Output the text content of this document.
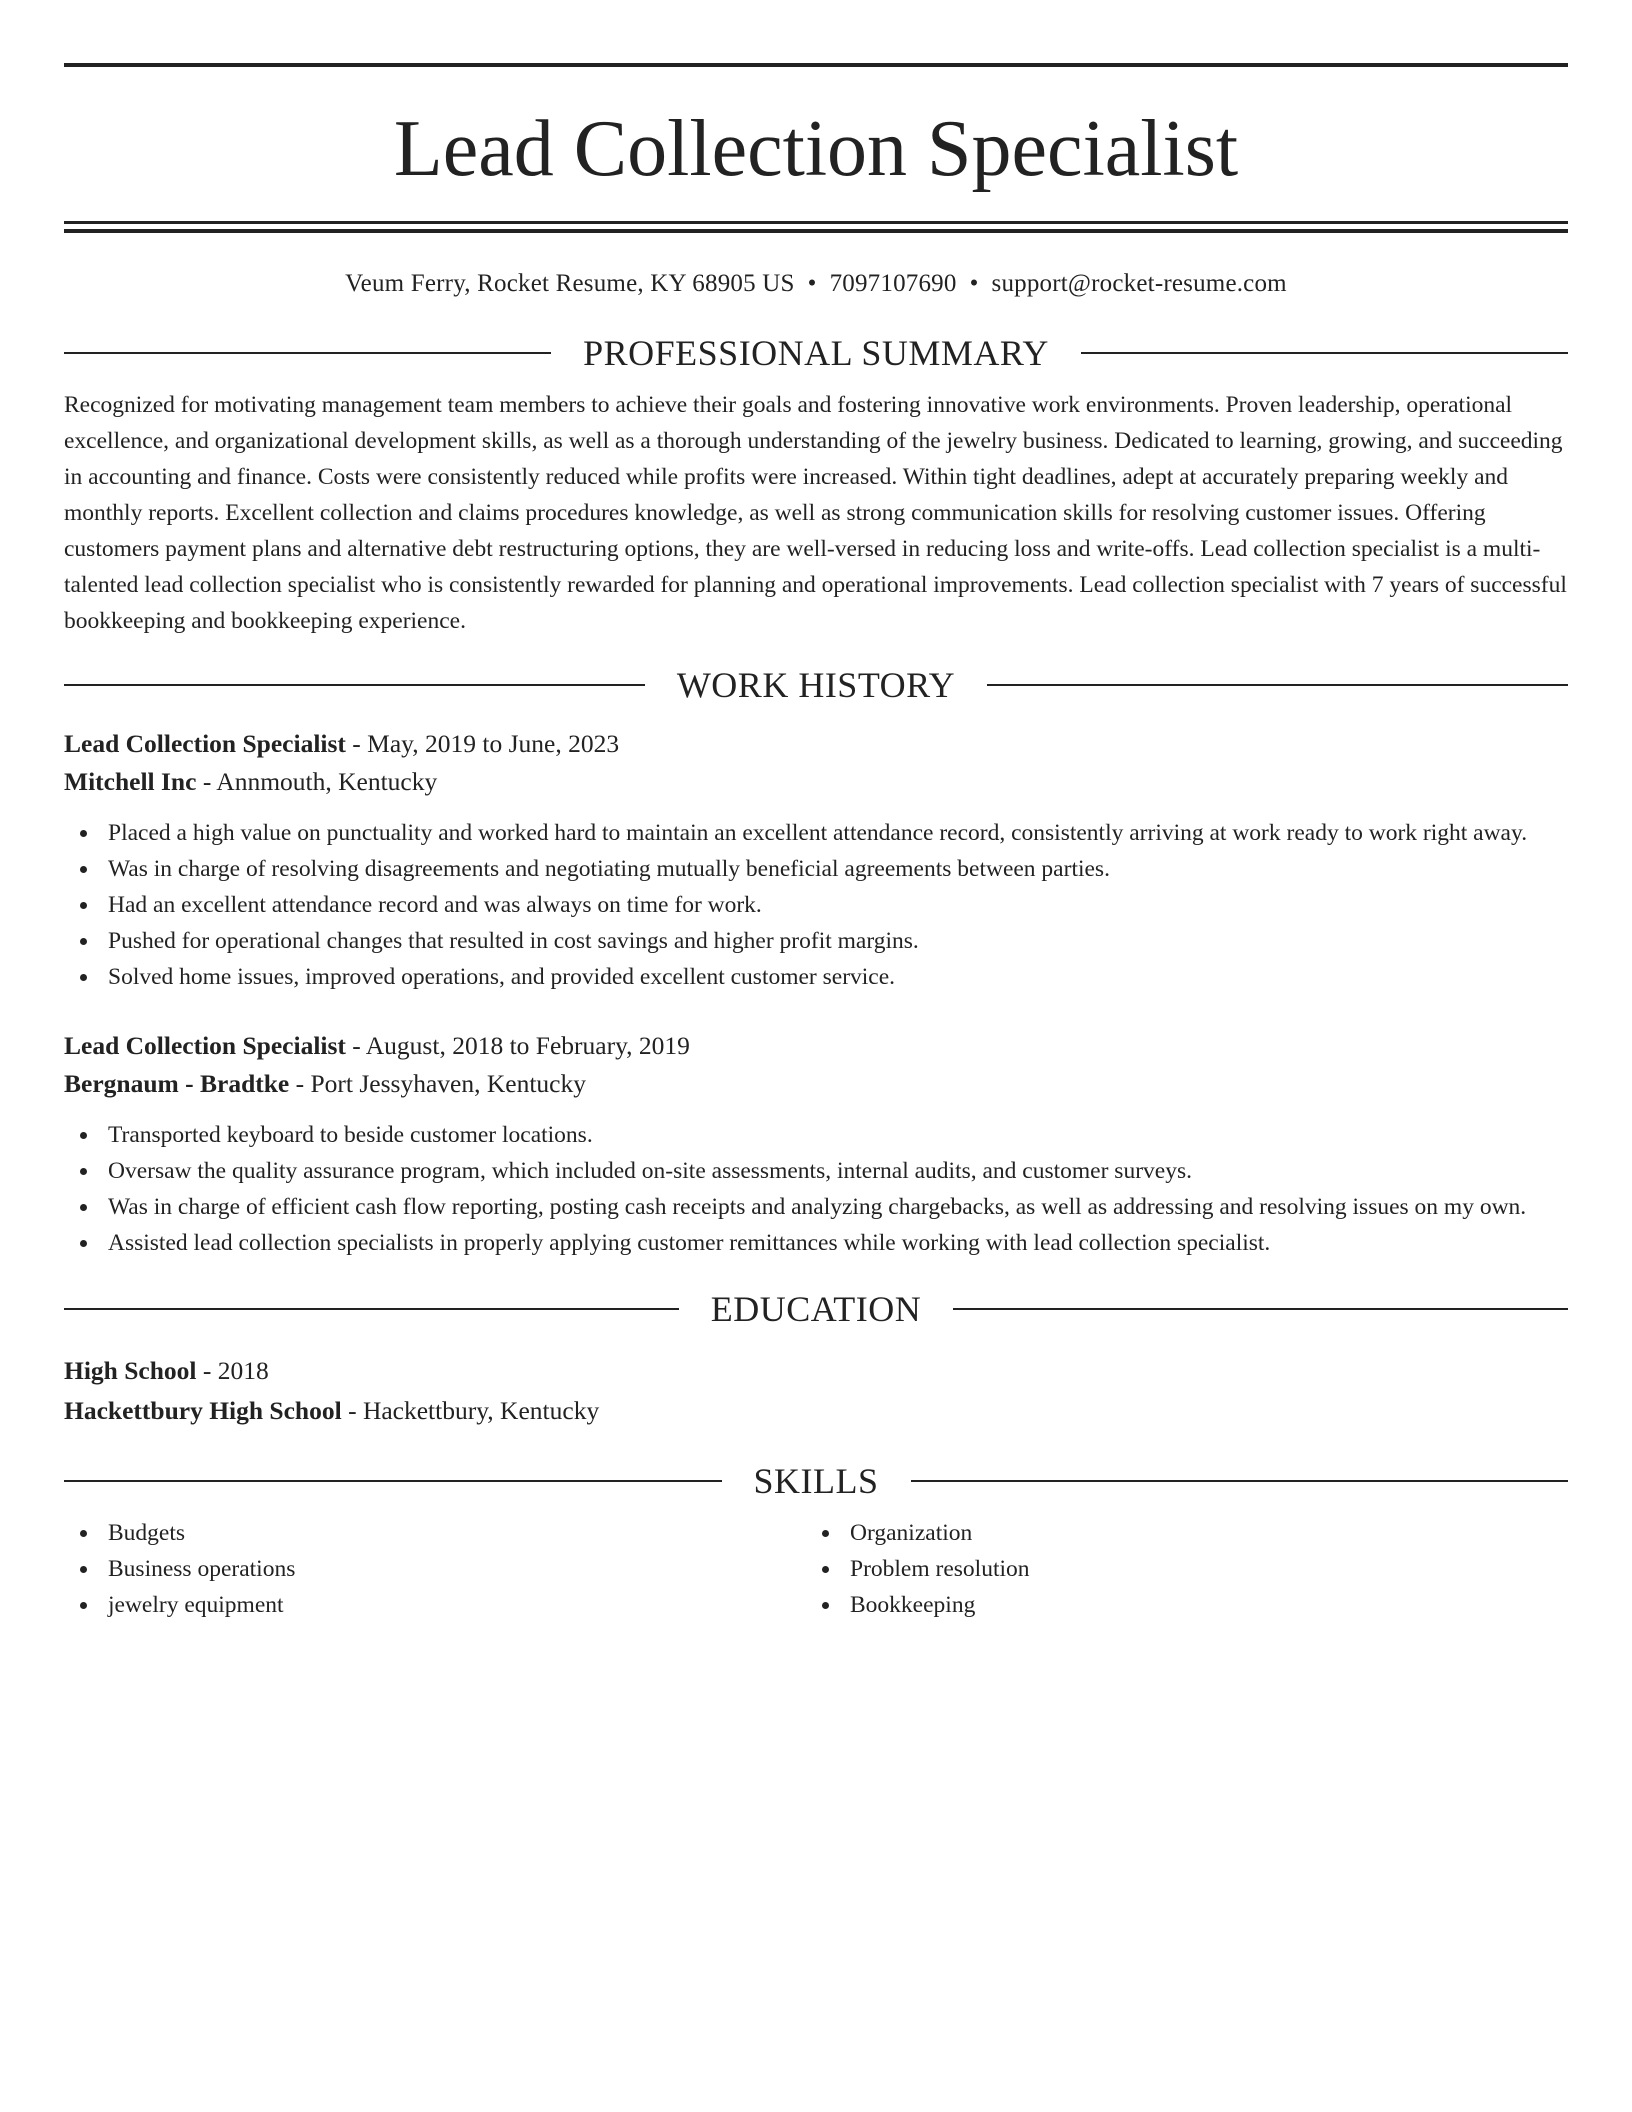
Lead Collection Specialist
Veum Ferry, Rocket Resume, KY 68905 US • 7097107690 • support@rocket-resume.com
PROFESSIONAL SUMMARY

Recognized for motivating management team members to achieve their goals and fostering innovative work environments. Proven leadership, operational excellence, and organizational development skills, as well as a thorough understanding of the jewelry business. Dedicated to learning, growing, and succeeding in accounting and finance. Costs were consistently reduced while profits were increased. Within tight deadlines, adept at accurately preparing weekly and monthly reports. Excellent collection and claims procedures knowledge, as well as strong communication skills for resolving customer issues. Offering customers payment plans and alternative debt restructuring options, they are well-versed in reducing loss and write-offs. Lead collection specialist is a multi-talented lead collection specialist who is consistently rewarded for planning and operational improvements. Lead collection specialist with 7 years of successful bookkeeping and bookkeeping experience.

WORK HISTORY
Lead Collection Specialist - May, 2019 to June, 2023
Mitchell Inc - Annmouth, Kentucky
Placed a high value on punctuality and worked hard to maintain an excellent attendance record, consistently arriving at work ready to work right away.
Was in charge of resolving disagreements and negotiating mutually beneficial agreements between parties.
Had an excellent attendance record and was always on time for work.
Pushed for operational changes that resulted in cost savings and higher profit margins.
Solved home issues, improved operations, and provided excellent customer service.
Lead Collection Specialist - August, 2018 to February, 2019
Bergnaum - Bradtke - Port Jessyhaven, Kentucky
Transported keyboard to beside customer locations.
Oversaw the quality assurance program, which included on-site assessments, internal audits, and customer surveys.
Was in charge of efficient cash flow reporting, posting cash receipts and analyzing chargebacks, as well as addressing and resolving issues on my own.
Assisted lead collection specialists in properly applying customer remittances while working with lead collection specialist.
EDUCATION
High School - 2018
Hackettbury High School - Hackettbury, Kentucky
SKILLS
Budgets
Business operations
jewelry equipment
Organization
Problem resolution
Bookkeeping
